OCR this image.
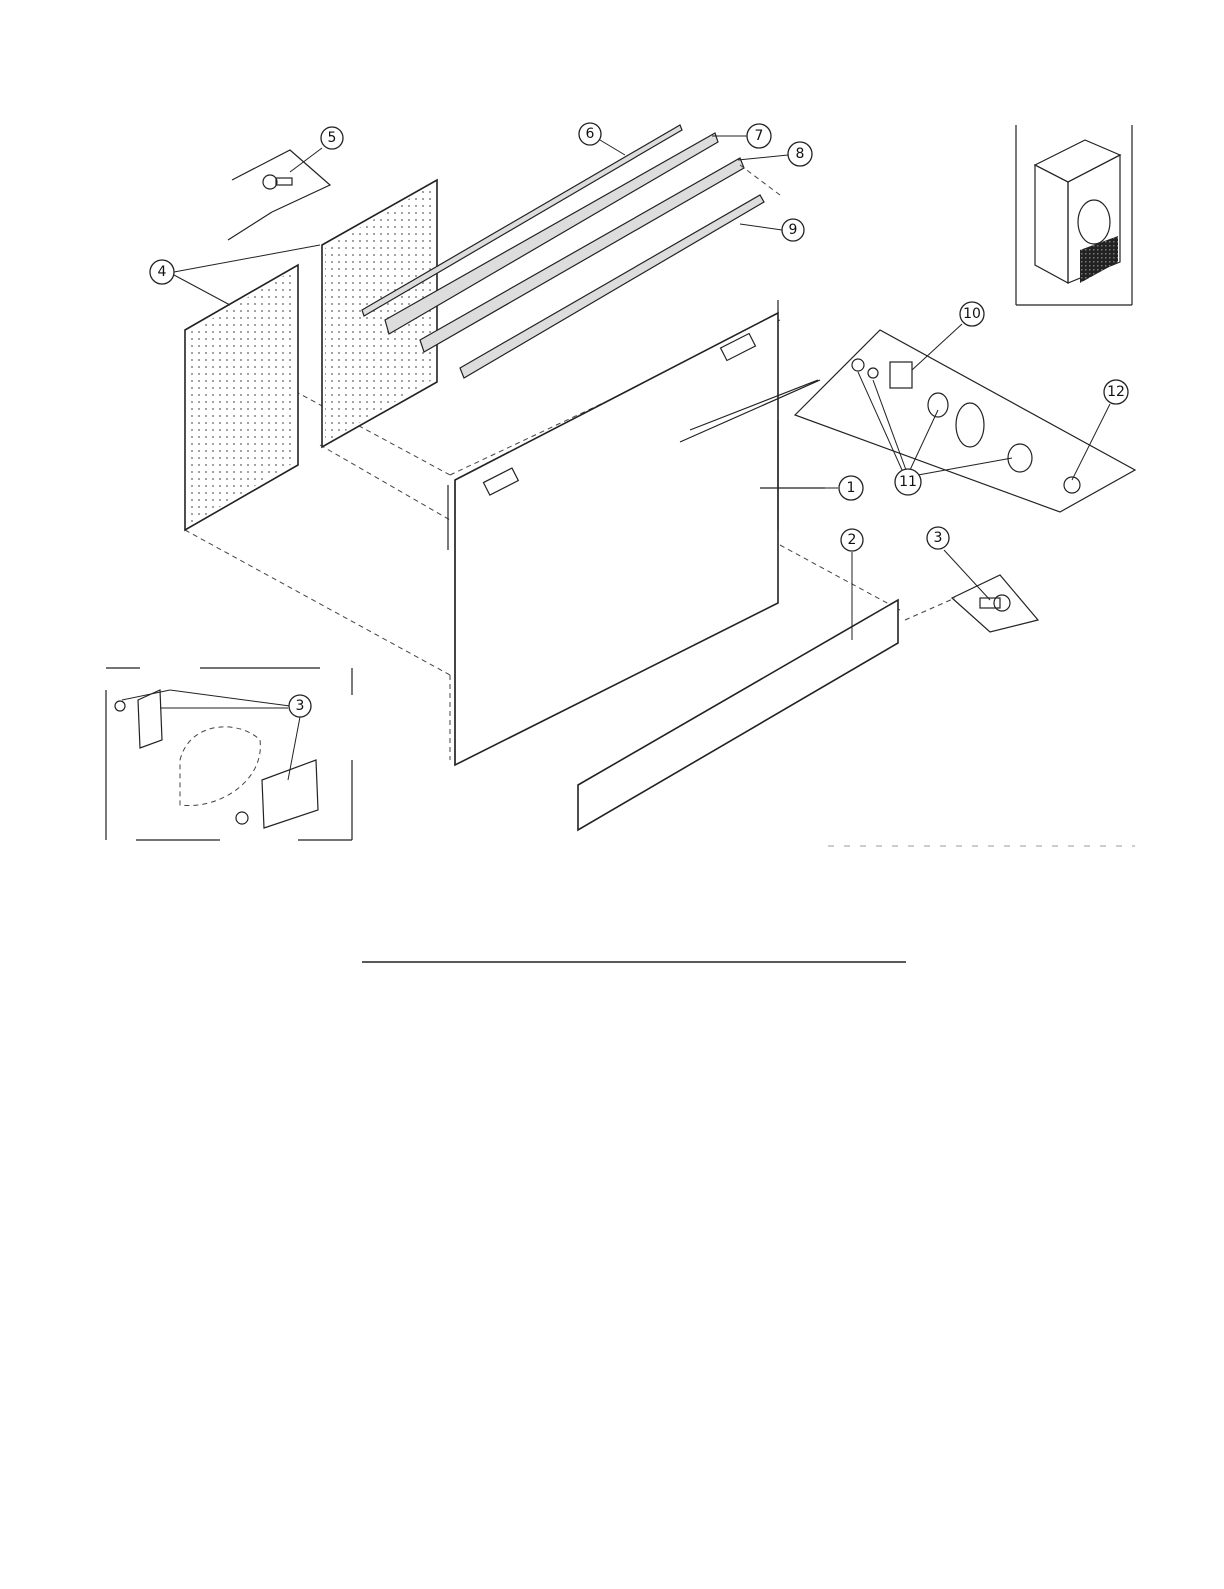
1
2	3
3
4
5	6	7
8
9
10
11
12
